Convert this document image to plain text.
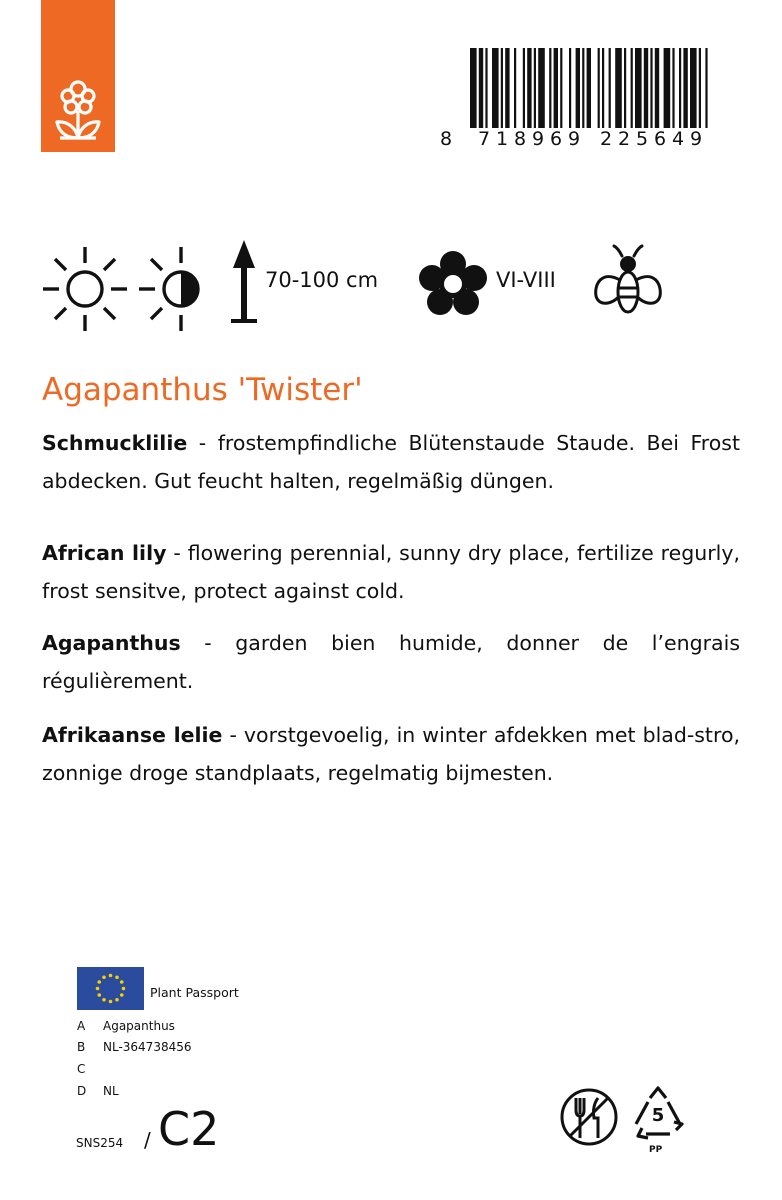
8 7 1 8 9 6 9 2 2 5 6 4 9
70-100 cm	VI-VIII
Agapanthus 'Twister'

Schmucklilie - frostempfindliche Blütenstaude Staude. Bei Frost abdecken. Gut feucht halten, regelmäßig düngen.

African lily - flowering perennial, sunny dry place, fertilize regurly, frost sensitve, protect against cold.

Agapanthus - garden bien humide, donner de l’engrais régulièrement.

Afrikaanse lelie - vorstgevoelig, in winter afdekken met blad-stro, zonnige droge standplaats, regelmatig bijmesten.

Plant Passport
A Agapanthus
B NL-364738456
C
D NL
SNS254 / C2	5
PP
